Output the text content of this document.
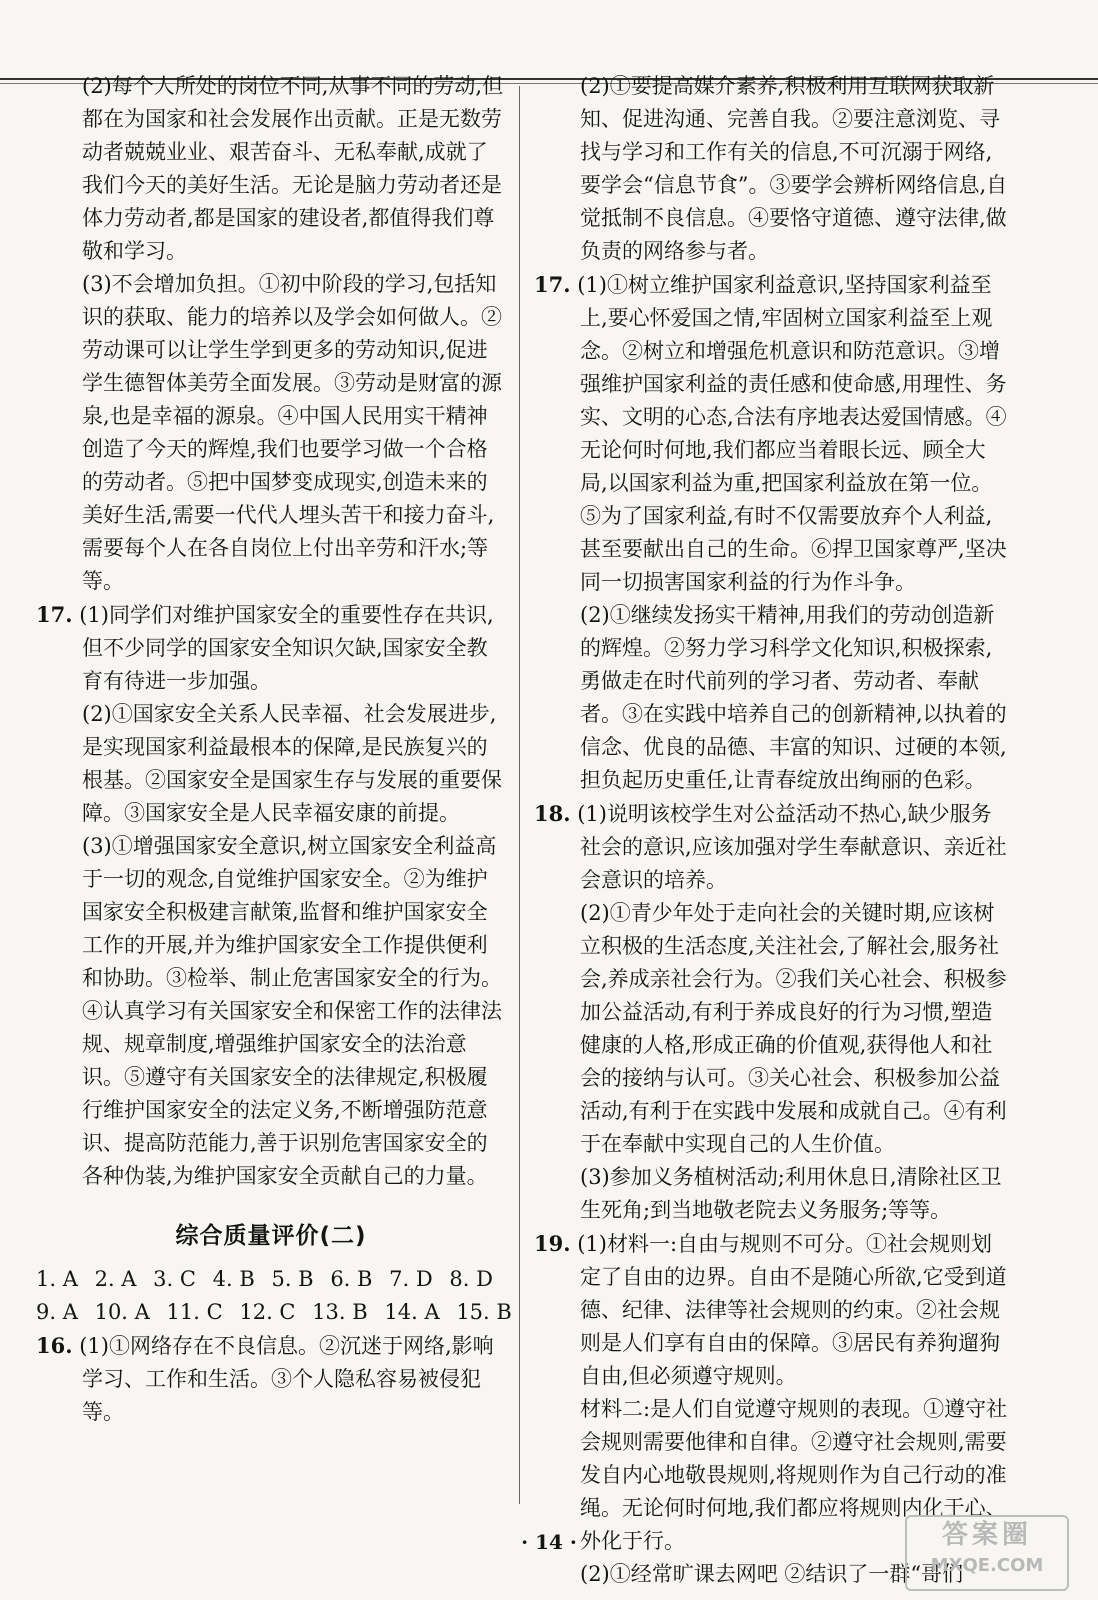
(2)每个人所处的岗位不同,从事不同的劳动,但都在为国家和社会发展作出贡献。正是无数劳动者兢兢业业、艰苦奋斗、无私奉献,成就了我们今天的美好生活。无论是脑力劳动者还是体力劳动者,都是国家的建设者,都值得我们尊敬和学习。

(3)不会增加负担。①初中阶段的学习,包括知识的获取、能力的培养以及学会如何做人。②劳动课可以让学生学到更多的劳动知识,促进学生德智体美劳全面发展。③劳动是财富的源泉,也是幸福的源泉。④中国人民用实干精神创造了今天的辉煌,我们也要学习做一个合格的劳动者。⑤把中国梦变成现实,创造未来的美好生活,需要一代代人埋头苦干和接力奋斗,需要每个人在各自岗位上付出辛劳和汗水;等等。

17. (1)同学们对维护国家安全的重要性存在共识,但不少同学的国家安全知识欠缺,国家安全教育有待进一步加强。

(2)①国家安全关系人民幸福、社会发展进步,是实现国家利益最根本的保障,是民族复兴的根基。②国家安全是国家生存与发展的重要保障。③国家安全是人民幸福安康的前提。

(3)①增强国家安全意识,树立国家安全利益高于一切的观念,自觉维护国家安全。②为维护国家安全积极建言献策,监督和维护国家安全工作的开展,并为维护国家安全工作提供便利和协助。③检举、制止危害国家安全的行为。④认真学习有关国家安全和保密工作的法律法规、规章制度,增强维护国家安全的法治意识。⑤遵守有关国家安全的法律规定,积极履行维护国家安全的法定义务,不断增强防范意识、提高防范能力,善于识别危害国家安全的各种伪装,为维护国家安全贡献自己的力量。

综合质量评价(二)
1. A 2. A 3. C 4. B 5. B 6. B 7. D 8. D
9. A 10. A 11. C 12. C 13. B 14. A 15. B

16. (1)①网络存在不良信息。②沉迷于网络,影响学习、工作和生活。③个人隐私容易被侵犯等。

(2)①要提高媒介素养,积极利用互联网获取新知、促进沟通、完善自我。②要注意浏览、寻找与学习和工作有关的信息,不可沉溺于网络,要学会“信息节食”。③要学会辨析网络信息,自觉抵制不良信息。④要恪守道德、遵守法律,做负责的网络参与者。

17. (1)①树立维护国家利益意识,坚持国家利益至上,要心怀爱国之情,牢固树立国家利益至上观念。②树立和增强危机意识和防范意识。③增强维护国家利益的责任感和使命感,用理性、务实、文明的心态,合法有序地表达爱国情感。④无论何时何地,我们都应当着眼长远、顾全大局,以国家利益为重,把国家利益放在第一位。⑤为了国家利益,有时不仅需要放弃个人利益,甚至要献出自己的生命。⑥捍卫国家尊严,坚决同一切损害国家利益的行为作斗争。

(2)①继续发扬实干精神,用我们的劳动创造新的辉煌。②努力学习科学文化知识,积极探索,勇做走在时代前列的学习者、劳动者、奉献者。③在实践中培养自己的创新精神,以执着的信念、优良的品德、丰富的知识、过硬的本领,担负起历史重任,让青春绽放出绚丽的色彩。

18. (1)说明该校学生对公益活动不热心,缺少服务社会的意识,应该加强对学生奉献意识、亲近社会意识的培养。

(2)①青少年处于走向社会的关键时期,应该树立积极的生活态度,关注社会,了解社会,服务社会,养成亲社会行为。②我们关心社会、积极参加公益活动,有利于养成良好的行为习惯,塑造健康的人格,形成正确的价值观,获得他人和社会的接纳与认可。③关心社会、积极参加公益活动,有利于在实践中发展和成就自己。④有利于在奉献中实现自己的人生价值。

(3)参加义务植树活动;利用休息日,清除社区卫生死角;到当地敬老院去义务服务;等等。

19. (1)材料一:自由与规则不可分。①社会规则划定了自由的边界。自由不是随心所欲,它受到道德、纪律、法律等社会规则的约束。②社会规则是人们享有自由的保障。③居民有养狗遛狗自由,但必须遵守规则。

材料二:是人们自觉遵守规则的表现。①遵守社会规则需要他律和自律。②遵守社会规则,需要发自内心地敬畏规则,将规则作为自己行动的准绳。无论何时何地,我们都应将规则内化于心、外化于行。

(2)①经常旷课去网吧 ②结识了一群“哥们

· 14 ·	答案圈
MXQE.COM
